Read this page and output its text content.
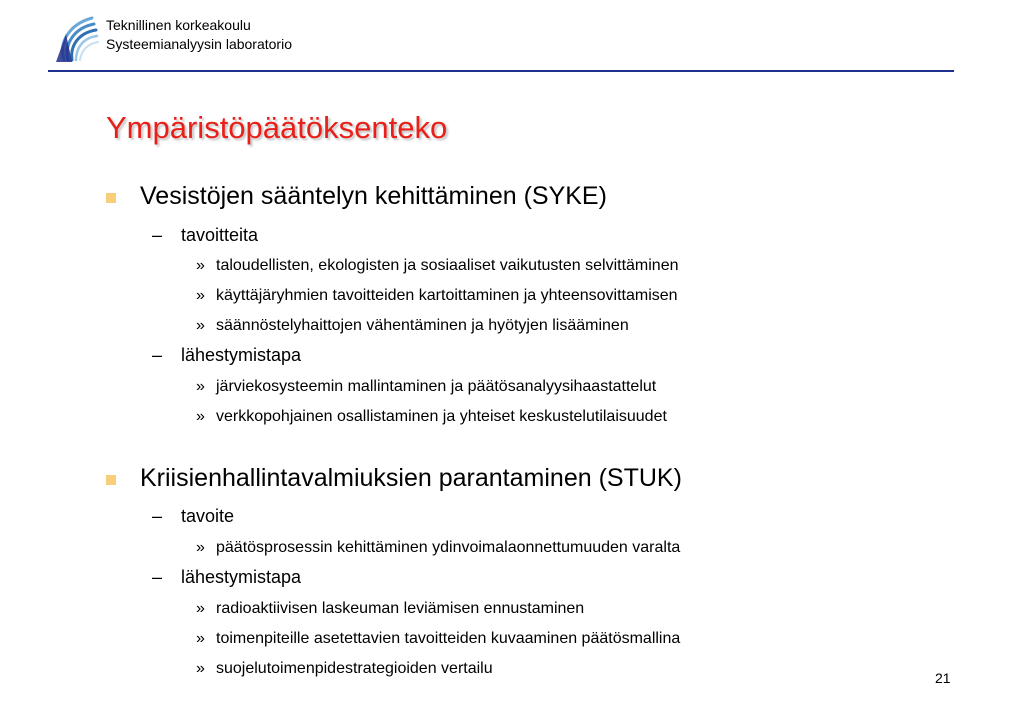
Teknillinen korkeakoulu
Systeemianalyysin laboratorio
Ympäristöpäätöksenteko
Vesistöjen sääntelyn kehittäminen (SYKE)
– tavoitteita
» taloudellisten, ekologisten ja sosiaaliset vaikutusten selvittäminen
» käyttäjäryhmien tavoitteiden kartoittaminen ja yhteensovittamisen
» säännöstelyhaittojen vähentäminen ja hyötyjen lisääminen
– lähestymistapa
» järviekosysteemin mallintaminen ja päätösanalyysihaastattelut
» verkkopohjainen osallistaminen ja yhteiset keskustelutilaisuudet
Kriisienhallintavalmiuksien parantaminen (STUK)
– tavoite
» päätösprosessin kehittäminen ydinvoimalaonnettumuuden varalta
– lähestymistapa
» radioaktiivisen laskeuman leviämisen ennustaminen
» toimenpiteille asetettavien tavoitteiden kuvaaminen päätösmallina
» suojelutoimenpidestrategioiden vertailu
21
